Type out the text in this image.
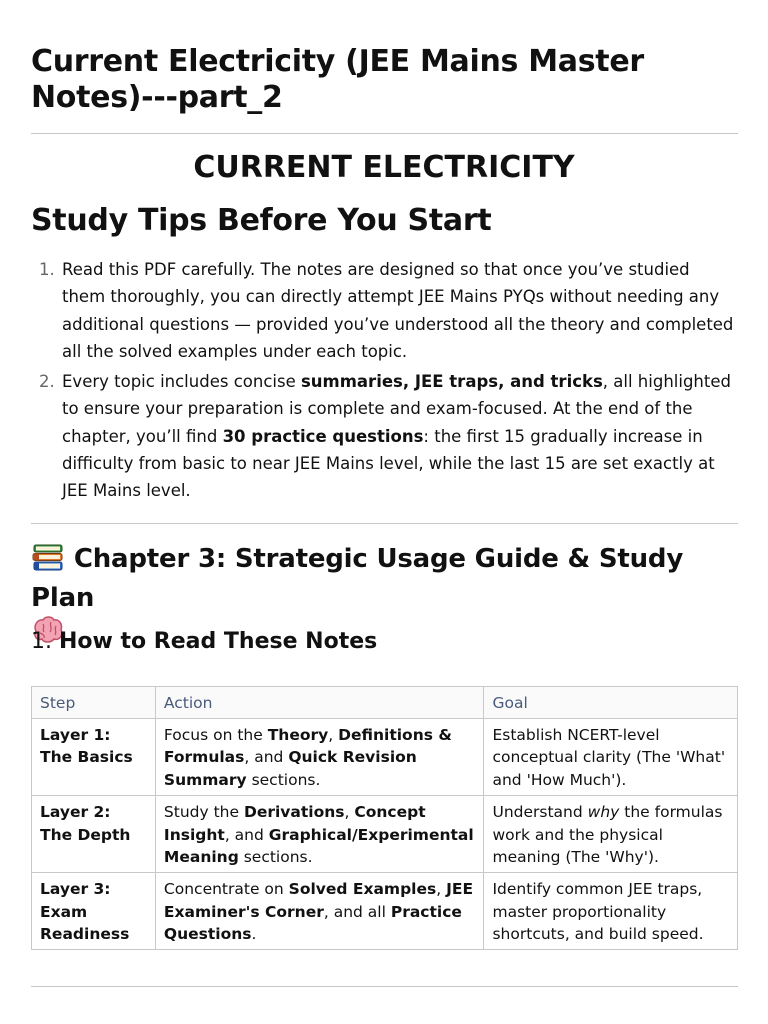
Current Electricity (JEE Mains Master Notes)---part_2
CURRENT ELECTRICITY
Study Tips Before You Start
1. Read this PDF carefully. The notes are designed so that once you’ve studied them thoroughly, you can directly attempt JEE Mains PYQs without needing any additional questions — provided you’ve understood all the theory and completed all the solved examples under each topic.
2. Every topic includes concise summaries, JEE traps, and tricks, all highlighted to ensure your preparation is complete and exam-focused. At the end of the chapter, you’ll find 30 practice questions: the first 15 gradually increase in difficulty from basic to near JEE Mains level, while the last 15 are set exactly at JEE Mains level.
Chapter 3: Strategic Usage Guide & Study Plan

1. How to Read These Notes
Step	Action	Goal
Layer 1: The Basics	Focus on the Theory, Definitions & Formulas, and Quick Revision Summary sections.	Establish NCERT-level conceptual clarity (The 'What' and 'How Much').
Layer 2: The Depth	Study the Derivations, Concept Insight, and Graphical/Experimental Meaning sections.	Understand why the formulas work and the physical meaning (The 'Why').
Layer 3: Exam Readiness	Concentrate on Solved Examples, JEE Examiner's Corner, and all Practice Questions.	Identify common JEE traps, master proportionality shortcuts, and build speed.
